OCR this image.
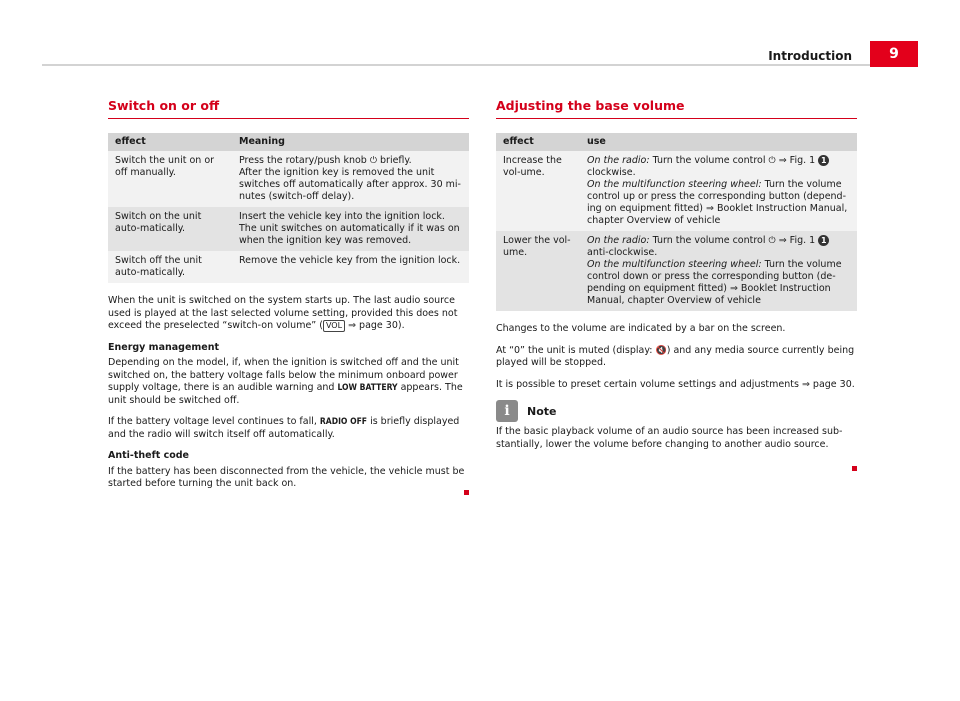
Introduction	9
Switch on or off
effect	Meaning
Switch the unit on or off manually.	Press the rotary/push knob ⏻ briefly.
After the ignition key is removed the unit switches off automatically after approx. 30 mi-nutes (switch-off delay).
Switch on the unit auto-matically.	Insert the vehicle key into the ignition lock. The unit switches on automatically if it was on when the ignition key was removed.
Switch off the unit auto-matically.	Remove the vehicle key from the ignition lock.

When the unit is switched on the system starts up. The last audio source used is played at the last selected volume setting, provided this does not exceed the preselected “switch-on volume” ( VOL ⇒ page 30).

Energy management

Depending on the model, if, when the ignition is switched off and the unit switched on, the battery voltage falls below the minimum onboard power supply voltage, there is an audible warning and LOW BATTERY appears. The unit should be switched off.

If the battery voltage level continues to fall, RADIO OFF is briefly displayed and the radio will switch itself off automatically.

Anti-theft code

If the battery has been disconnected from the vehicle, the vehicle must be started before turning the unit back on.

Adjusting the base volume
effect	use
Increase the vol-ume.	On the radio: Turn the volume control ⏻ ⇒ Fig. 1 1
clockwise.
On the multifunction steering wheel: Turn the volume control up or press the corresponding button (depend-ing on equipment fitted) ⇒ Booklet Instruction Manual, chapter Overview of vehicle
Lower the vol-ume.	On the radio: Turn the volume control ⏻ ⇒ Fig. 1 1 anti-clockwise.
On the multifunction steering wheel: Turn the volume control down or press the corresponding button (de-pending on equipment fitted) ⇒ Booklet Instruction Manual, chapter Overview of vehicle

Changes to the volume are indicated by a bar on the screen.

At “0” the unit is muted (display: 🔇) and any media source currently being played will be stopped.

It is possible to preset certain volume settings and adjustments ⇒ page 30.

i	Note

If the basic playback volume of an audio source has been increased sub-stantially, lower the volume before changing to another audio source.
